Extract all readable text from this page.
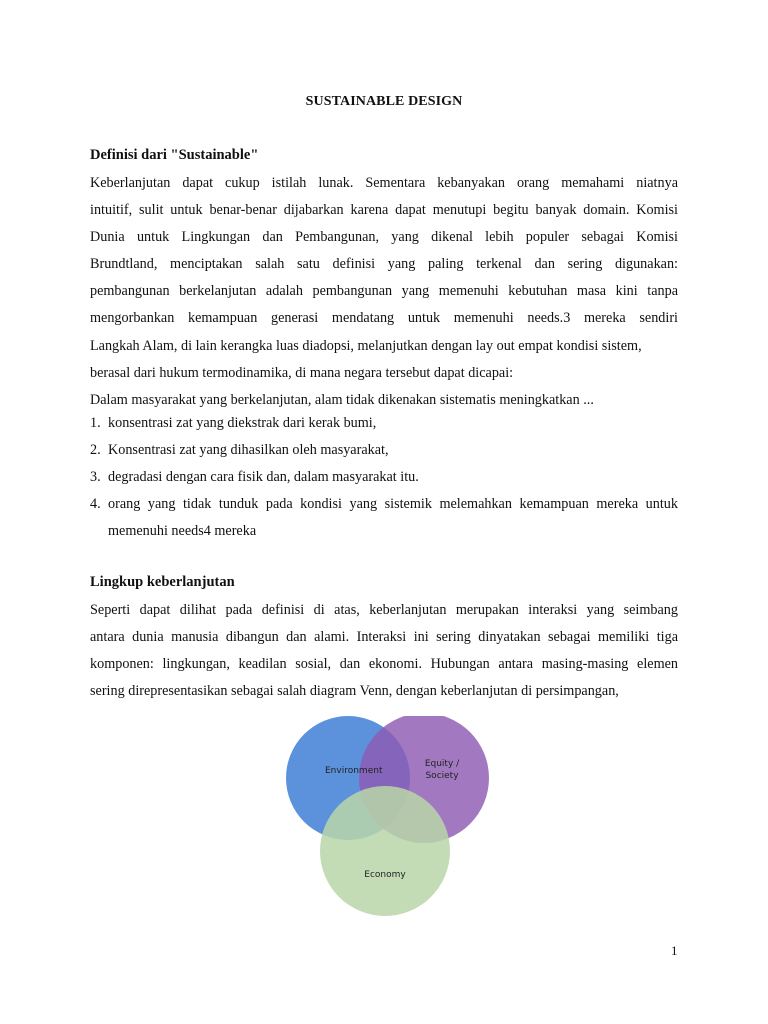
SUSTAINABLE DESIGN
Definisi dari "Sustainable"
Keberlanjutan dapat cukup istilah lunak. Sementara kebanyakan orang memahami niatnya
intuitif, sulit untuk benar-benar dijabarkan karena dapat menutupi begitu banyak domain. Komisi
Dunia untuk Lingkungan dan Pembangunan, yang dikenal lebih populer sebagai Komisi
Brundtland, menciptakan salah satu definisi yang paling terkenal dan sering digunakan:
pembangunan berkelanjutan adalah pembangunan yang memenuhi kebutuhan masa kini tanpa
mengorbankan kemampuan generasi mendatang untuk memenuhi needs.3 mereka sendiri
Langkah Alam, di lain kerangka luas diadopsi, melanjutkan dengan lay out empat kondisi sistem,
berasal dari hukum termodinamika, di mana negara tersebut dapat dicapai:
Dalam masyarakat yang berkelanjutan, alam tidak dikenakan sistematis meningkatkan ...
1. konsentrasi zat yang diekstrak dari kerak bumi,
2. Konsentrasi zat yang dihasilkan oleh masyarakat,
3. degradasi dengan cara fisik dan, dalam masyarakat itu.
4. orang yang tidak tunduk pada kondisi yang sistemik melemahkan kemampuan mereka untuk
memenuhi needs4 mereka
Lingkup keberlanjutan
Seperti dapat dilihat pada definisi di atas, keberlanjutan merupakan interaksi yang seimbang
antara dunia manusia dibangun dan alami. Interaksi ini sering dinyatakan sebagai memiliki tiga
komponen: lingkungan, keadilan sosial, dan ekonomi. Hubungan antara masing-masing elemen
sering direpresentasikan sebagai salah diagram Venn, dengan keberlanjutan di persimpangan,
Environment
Equity /
Society
Economy
1
